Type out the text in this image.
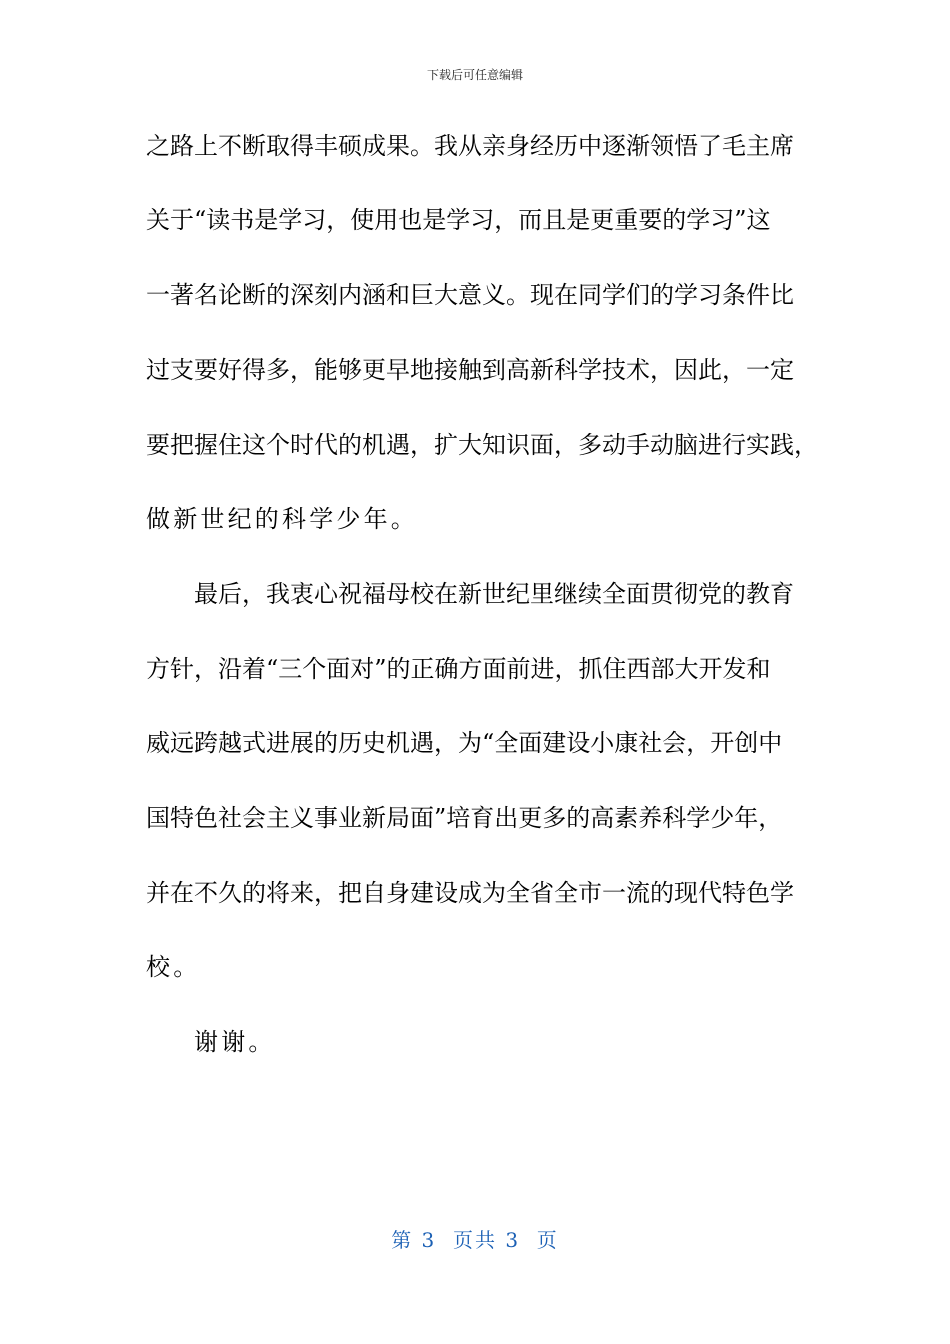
下载后可任意编辑
之路上不断取得丰硕成果。我从亲身经历中逐渐领悟了毛主席
关于“读书是学习，使用也是学习，而且是更重要的学习”这
一著名论断的深刻内涵和巨大意义。现在同学们的学习条件比
过支要好得多，能够更早地接触到高新科学技术，因此，一定
要把握住这个时代的机遇，扩大知识面，多动手动脑进行实践，
做新世纪的科学少年。
最后，我衷心祝福母校在新世纪里继续全面贯彻党的教育
方针，沿着“三个面对”的正确方面前进，抓住西部大开发和
威远跨越式进展的历史机遇，为“全面建设小康社会，开创中
国特色社会主义事业新局面”培育出更多的高素养科学少年，
并在不久的将来，把自身建设成为全省全市一流的现代特色学
校。
谢谢。
第 3  页共 3  页
